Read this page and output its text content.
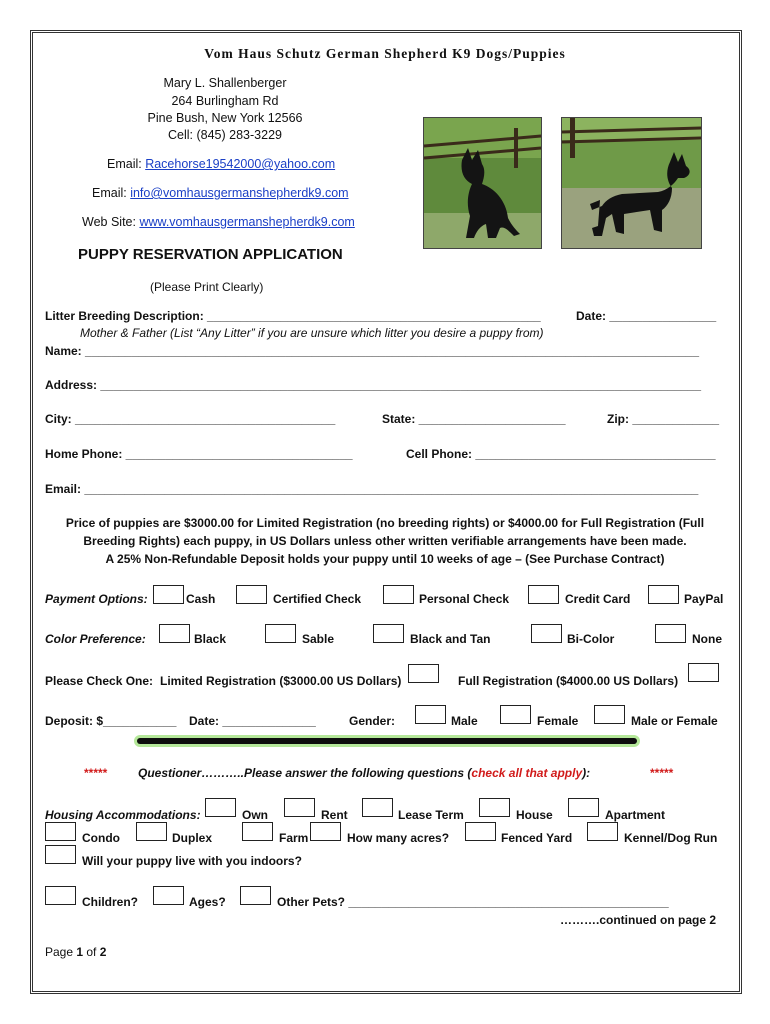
Vom Haus Schutz German Shepherd K9 Dogs/Puppies
Mary L. Shallenberger
264 Burlingham Rd
Pine Bush, New York 12566
Cell: (845) 283-3229
Email: Racehorse19542000@yahoo.com
Email: info@vomhausgermanshepherdk9.com
Web Site: www.vomhausgermanshepherdk9.com
PUPPY RESERVATION APPLICATION
(Please Print Clearly)
Litter Breeding Description: __________________________________________________	Date: ________________
Mother & Father (List “Any Litter” if you are unsure which litter you desire a puppy from)
Name: ____________________________________________________________________________________________
Address: __________________________________________________________________________________________
City: _______________________________________	State: ______________________	Zip: _____________
Home Phone: __________________________________	Cell Phone: ____________________________________
Email: ____________________________________________________________________________________________
Price of puppies are $3000.00 for Limited Registration (no breeding rights) or $4000.00 for Full Registration (Full
Breeding Rights) each puppy, in US Dollars unless other written verifiable arrangements have been made.
A 25% Non-Refundable Deposit holds your puppy until 10 weeks of age – (See Purchase Contract)
Payment Options:	Cash	Certified Check	Personal Check	Credit Card	PayPal
Color Preference:	Black	Sable	Black and Tan	Bi-Color	None
Please Check One: Limited Registration ($3000.00 US Dollars)	Full Registration ($4000.00 US Dollars)
Deposit: $___________ Date: ______________	Gender:	Male	Female	Male or Female
*****	Questioner………..Please answer the following questions (check all that apply):	*****
Housing Accommodations:	Own	Rent	Lease Term	House	Apartment
Condo	Duplex	Farm	How many acres?	Fenced Yard	Kennel/Dog Run
Will your puppy live with you indoors?
Children?	Ages?	Other Pets? ________________________________________________
……….continued on page 2
Page 1 of 2
